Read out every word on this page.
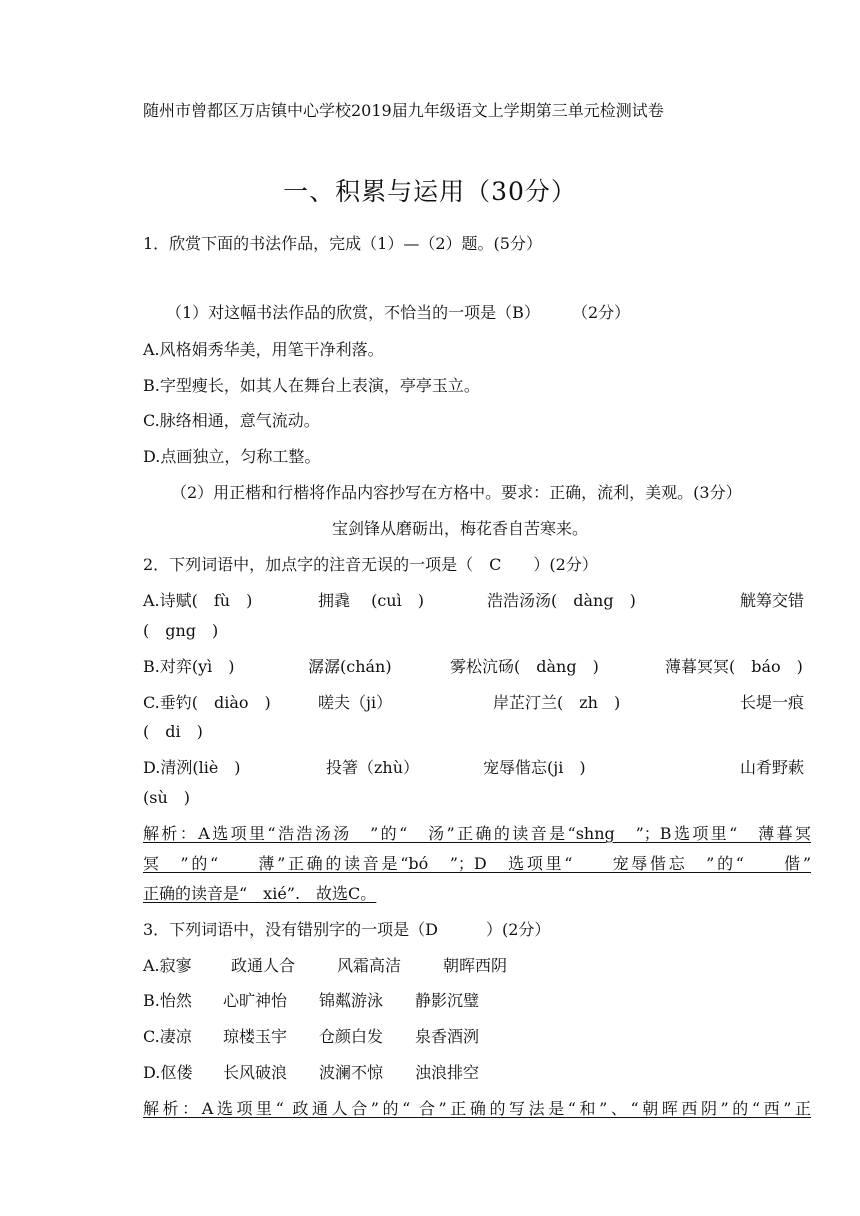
随州市曾都区万店镇中心学校2019届九年级语文上学期第三单元检测试卷
一、积累与运用（30分）
1．欣赏下面的书法作品，完成（1）—（2）题。(5分）
（1）对这幅书法作品的欣赏，不恰当的一项是（B）　　　（2分）
A.风格娟秀华美，用笔干净利落。
B.字型瘦长，如其人在舞台上表演，亭亭玉立。
C.脉络相通，意气流动。
D.点画独立，匀称工整。
（2）用正楷和行楷将作品内容抄写在方格中。要求：正确，流利，美观。(3分）
宝剑锋从磨砺出，梅花香自苦寒来。
2．下列词语中，加点字的注音无误的一项是（　C　　）(2分）
A.诗赋(　fù　)	拥毳　 (cuì　)	浩浩汤汤(　dàng　)	觥筹交错
(　gng　)
B.对弈(yì　)	潺潺(chán)	雾松沆砀(　dàng　)	薄暮冥冥(　báo　)
C.垂钓(　diào　)	嗟夫（ji）	岸芷汀兰(　zh　)	长堤一痕
(　di　)
D.清洌(liè　)	投箸（zhù）	宠辱偕忘(ji　)	山肴野蔌
(sù　)
解析：A选项里“浩浩汤汤　”的“　汤”正确的读音是“shng　”；B选项里“　薄暮冥
冥　”的“　　薄”正确的读音是“bó　”；D　选项里“　　宠辱偕忘　”的“　　偕”
正确的读音是“　xié”.　故选C。
3．下列词语中，没有错别字的一项是（D　　　）(2分）
A.寂寥 政通人合	风霜高洁	朝晖西阴
B.怡然 心旷神怡 锦粼游泳 静影沉璧
C.凄凉 琼楼玉宇 仓颜白发 泉香酒洌
D.伛偻 长风破浪 波澜不惊 浊浪排空
解析：A选项里“ 政通人合”的“ 合”正确的写法是“和”、“朝晖西阴”的“西”正
